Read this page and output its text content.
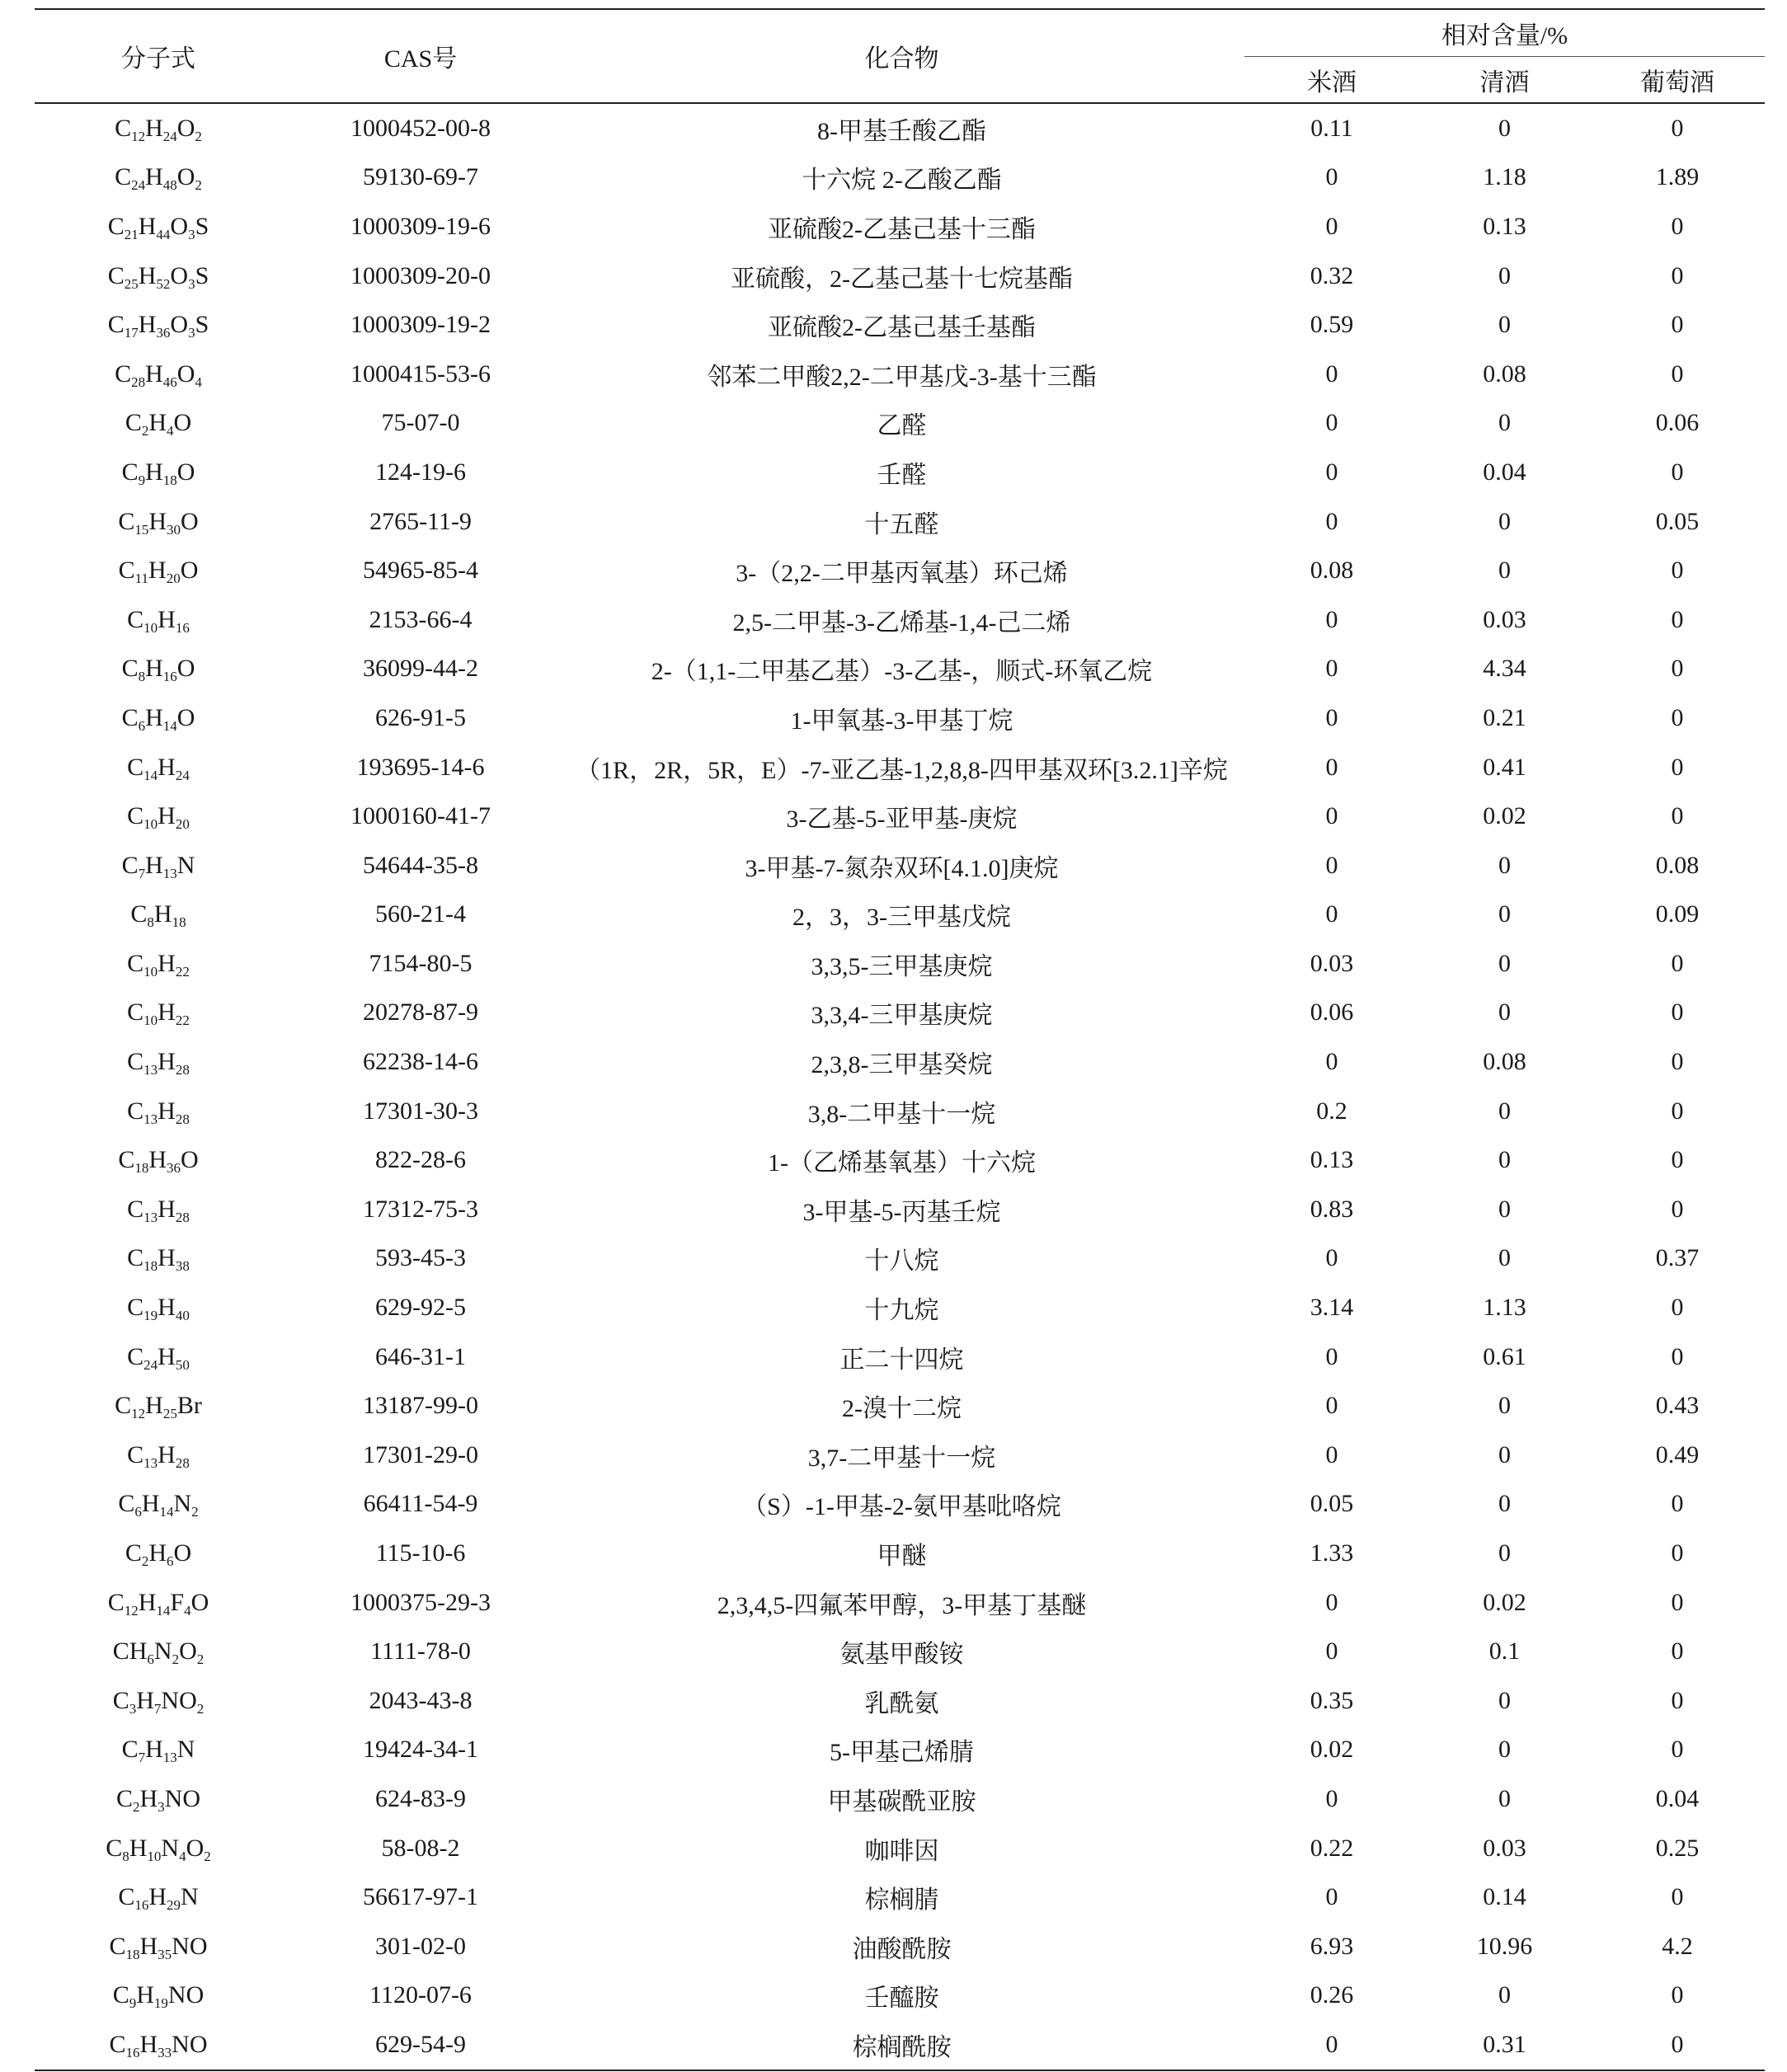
分子式	CAS号	化合物	相对含量/%		
			米酒	清酒	葡萄酒
$C_{12}H_{24}O_2$	1000452-00-8	8-甲基壬酸乙酯	0.11	0	0
$C_{24}H_{48}O_2$	59130-69-7	十六烷 2-乙酸乙酯	0	1.18	1.89
$C_{21}H_{44}O_3S$	1000309-19-6	亚硫酸2-乙基己基十三酯	0	0.13	0
$C_{25}H_{52}O_3S$	1000309-20-0	亚硫酸，2-乙基己基十七烷基酯	0.32	0	0
$C_{17}H_{36}O_3S$	1000309-19-2	亚硫酸2-乙基己基壬基酯	0.59	0	0
$C_{28}H_{46}O_4$	1000415-53-6	邻苯二甲酸2,2-二甲基戊-3-基十三酯	0	0.08	0
$C_2H_4O$	75-07-0	乙醛	0	0	0.06
$C_9H_{18}O$	124-19-6	壬醛	0	0.04	0
$C_{15}H_{30}O$	2765-11-9	十五醛	0	0	0.05
$C_{11}H_{20}O$	54965-85-4	3-（2,2-二甲基丙氧基）环己烯	0.08	0	0
$C_{10}H_{16}$	2153-66-4	2,5-二甲基-3-乙烯基-1,4-己二烯	0	0.03	0
$C_8H_{16}O$	36099-44-2	2-（1,1-二甲基乙基）-3-乙基-，顺式-环氧乙烷	0	4.34	0
$C_6H_{14}O$	626-91-5	1-甲氧基-3-甲基丁烷	0	0.21	0
$C_{14}H_{24}$	193695-14-6	（1R，2R，5R，E）-7-亚乙基-1,2,8,8-四甲基双环[3.2.1]辛烷	0	0.41	0
$C_{10}H_{20}$	1000160-41-7	3-乙基-5-亚甲基-庚烷	0	0.02	0
$C_7H_{13}N$	54644-35-8	3-甲基-7-氮杂双环[4.1.0]庚烷	0	0	0.08
$C_8H_{18}$	560-21-4	2，3，3-三甲基戊烷	0	0	0.09
$C_{10}H_{22}$	7154-80-5	3,3,5-三甲基庚烷	0.03	0	0
$C_{10}H_{22}$	20278-87-9	3,3,4-三甲基庚烷	0.06	0	0
$C_{13}H_{28}$	62238-14-6	2,3,8-三甲基癸烷	0	0.08	0
$C_{13}H_{28}$	17301-30-3	3,8-二甲基十一烷	0.2	0	0
$C_{18}H_{36}O$	822-28-6	1-（乙烯基氧基）十六烷	0.13	0	0
$C_{13}H_{28}$	17312-75-3	3-甲基-5-丙基壬烷	0.83	0	0
$C_{18}H_{38}$	593-45-3	十八烷	0	0	0.37
$C_{19}H_{40}$	629-92-5	十九烷	3.14	1.13	0
$C_{24}H_{50}$	646-31-1	正二十四烷	0	0.61	0
$C_{12}H_{25}Br$	13187-99-0	2-溴十二烷	0	0	0.43
$C_{13}H_{28}$	17301-29-0	3,7-二甲基十一烷	0	0	0.49
$C_6H_{14}N_2$	66411-54-9	（S）-1-甲基-2-氨甲基吡咯烷	0.05	0	0
$C_2H_6O$	115-10-6	甲醚	1.33	0	0
$C_{12}H_{14}F_4O$	1000375-29-3	2,3,4,5-四氟苯甲醇，3-甲基丁基醚	0	0.02	0
$CH_6N_2O_2$	1111-78-0	氨基甲酸铵	0	0.1	0
$C_3H_7NO_2$	2043-43-8	乳酰氨	0.35	0	0
$C_7H_{13}N$	19424-34-1	5-甲基己烯腈	0.02	0	0
$C_2H_3NO$	624-83-9	甲基碳酰亚胺	0	0	0.04
$C_8H_{10}N_4O_2$	58-08-2	咖啡因	0.22	0.03	0.25
$C_{16}H_{29}N$	56617-97-1	棕榈腈	0	0.14	0
$C_{18}H_{35}NO$	301-02-0	油酸酰胺	6.93	10.96	4.2
$C_9H_{19}NO$	1120-07-6	壬醯胺	0.26	0	0
$C_{16}H_{33}NO$	629-54-9	棕榈酰胺	0	0.31	0
